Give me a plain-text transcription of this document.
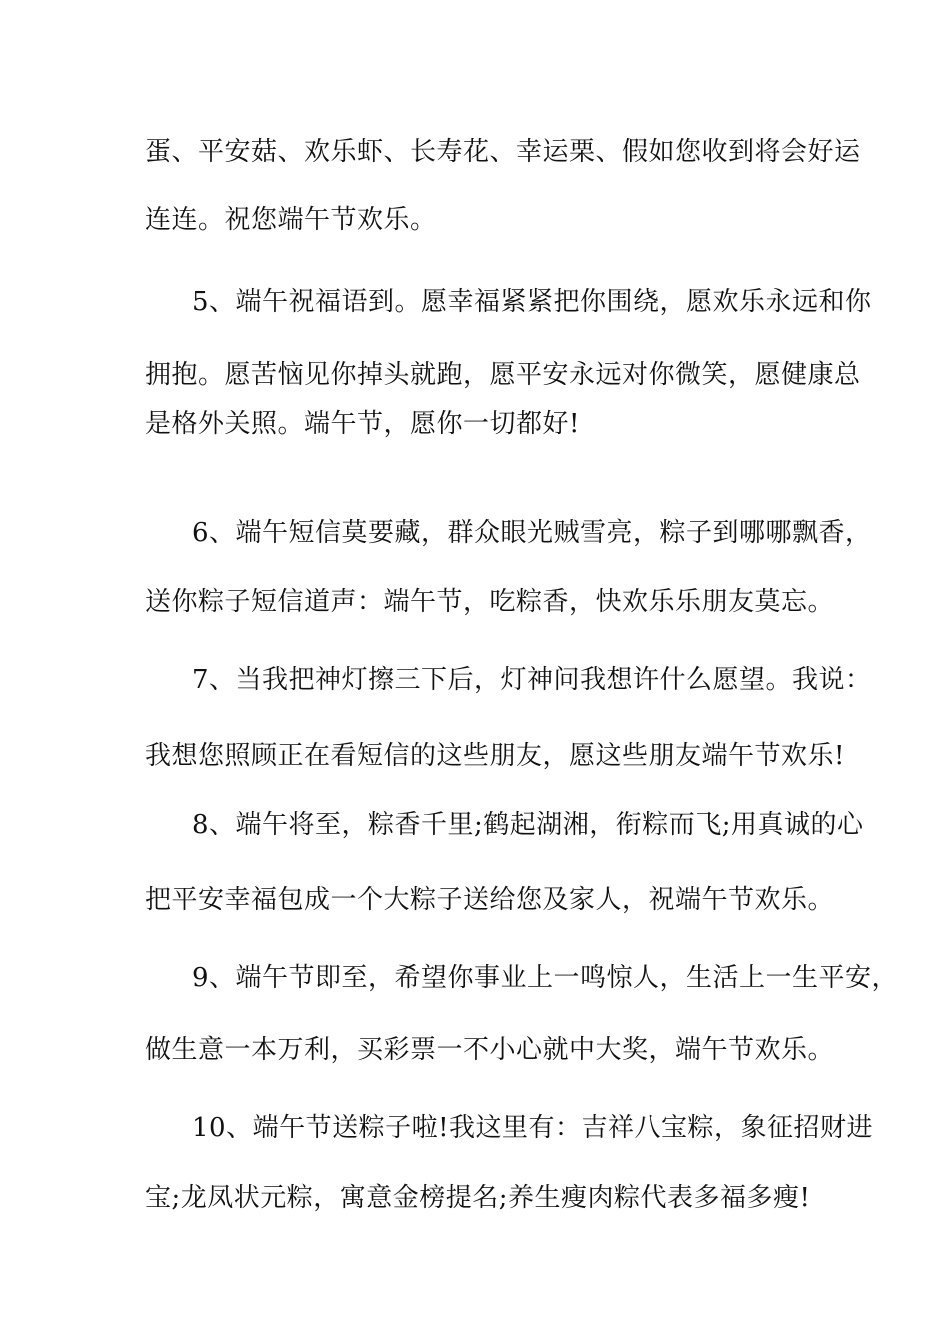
蛋、平安菇、欢乐虾、长寿花、幸运栗、假如您收到将会好运
连连。祝您端午节欢乐。
5、端午祝福语到。愿幸福紧紧把你围绕，愿欢乐永远和你
拥抱。愿苦恼见你掉头就跑，愿平安永远对你微笑，愿健康总
是格外关照。端午节，愿你一切都好!
6、端午短信莫要藏，群众眼光贼雪亮，粽子到哪哪飘香，
送你粽子短信道声：端午节，吃粽香，快欢乐乐朋友莫忘。
7、当我把神灯擦三下后，灯神问我想许什么愿望。我说：
我想您照顾正在看短信的这些朋友，愿这些朋友端午节欢乐!
8、端午将至，粽香千里;鹤起湖湘，衔粽而飞;用真诚的心
把平安幸福包成一个大粽子送给您及家人，祝端午节欢乐。
9、端午节即至，希望你事业上一鸣惊人，生活上一生平安，
做生意一本万利，买彩票一不小心就中大奖，端午节欢乐。
10、端午节送粽子啦!我这里有：吉祥八宝粽，象征招财进
宝;龙凤状元粽，寓意金榜提名;养生瘦肉粽代表多福多瘦!
